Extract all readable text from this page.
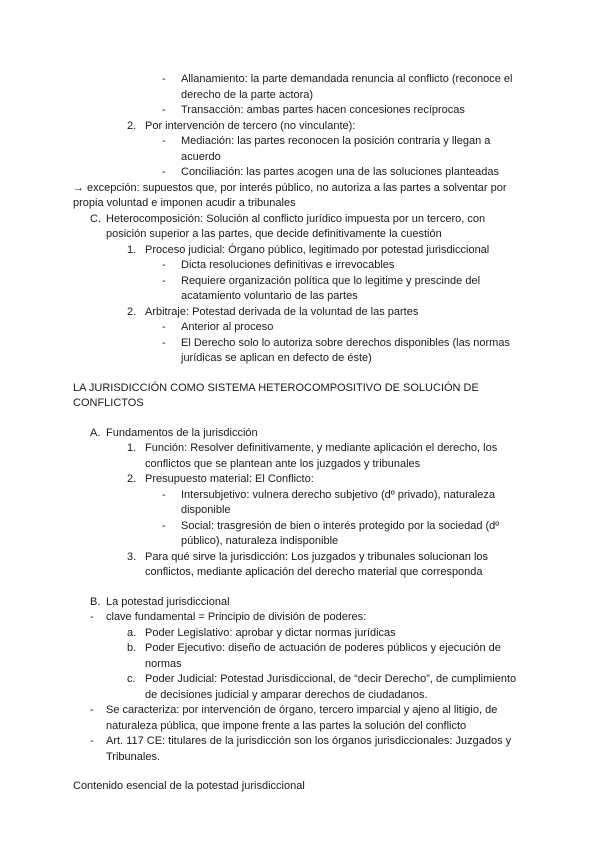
-	Allanamiento: la parte demandada renuncia al conflicto (reconoce el
derecho de la parte actora)
-	Transacción: ambas partes hacen concesiones recíprocas
2. Por intervención de tercero (no vinculante):
-	Mediación: las partes reconocen la posición contraria y llegan a
acuerdo
-	Conciliación: las partes acogen una de las soluciones planteadas
→ excepción: supuestos que, por interés público, no autoriza a las partes a solventar por
propia voluntad e imponen acudir a tribunales
C. Heterocomposición: Solución al conflicto jurídico impuesta por un tercero, con
posición superior a las partes, que decide definitivamente la cuestión
1. Proceso judicial: Órgano público, legitimado por potestad jurisdiccional
-	Dicta resoluciones definitivas e irrevocables
-	Requiere organización política que lo legitime y prescinde del
acatamiento voluntario de las partes
2. Arbitraje: Potestad derivada de la voluntad de las partes
-	Anterior al proceso
-	El Derecho solo lo autoriza sobre derechos disponibles (las normas
jurídicas se aplican en defecto de éste)
LA JURISDICCIÓN COMO SISTEMA HETEROCOMPOSITIVO DE SOLUCIÓN DE
CONFLICTOS
A. Fundamentos de la jurisdicción
1. Función: Resolver definitivamente, y mediante aplicación el derecho, los
conflictos que se plantean ante los juzgados y tribunales
2. Presupuesto material: El Conflicto:
-	Intersubjetivo: vulnera derecho subjetivo (dº privado), naturaleza
disponible
-	Social: trasgresión de bien o interés protegido por la sociedad (dº
público), naturaleza indisponible
3. Para qué sirve la jurisdicción: Los juzgados y tribunales solucionan los
conflictos, mediante aplicación del derecho material que corresponda
B. La potestad jurisdiccional
-	clave fundamental = Principio de división de poderes:
a. Poder Legislativo: aprobar y dictar normas jurídicas
b. Poder Ejecutivo: diseño de actuación de poderes públicos y ejecución de
normas
c. Poder Judicial: Potestad Jurisdiccional, de “decir Derecho”, de cumplimiento
de decisiones judicial y amparar derechos de ciudadanos.
-	Se caracteriza: por intervención de órgano, tercero imparcial y ajeno al litigio, de
naturaleza pública, que impone frente a las partes la solución del conflicto
-	Art. 117 CE: titulares de la jurisdicción son los órganos jurisdiccionales: Juzgados y
Tribunales.
Contenido esencial de la potestad jurisdiccional
